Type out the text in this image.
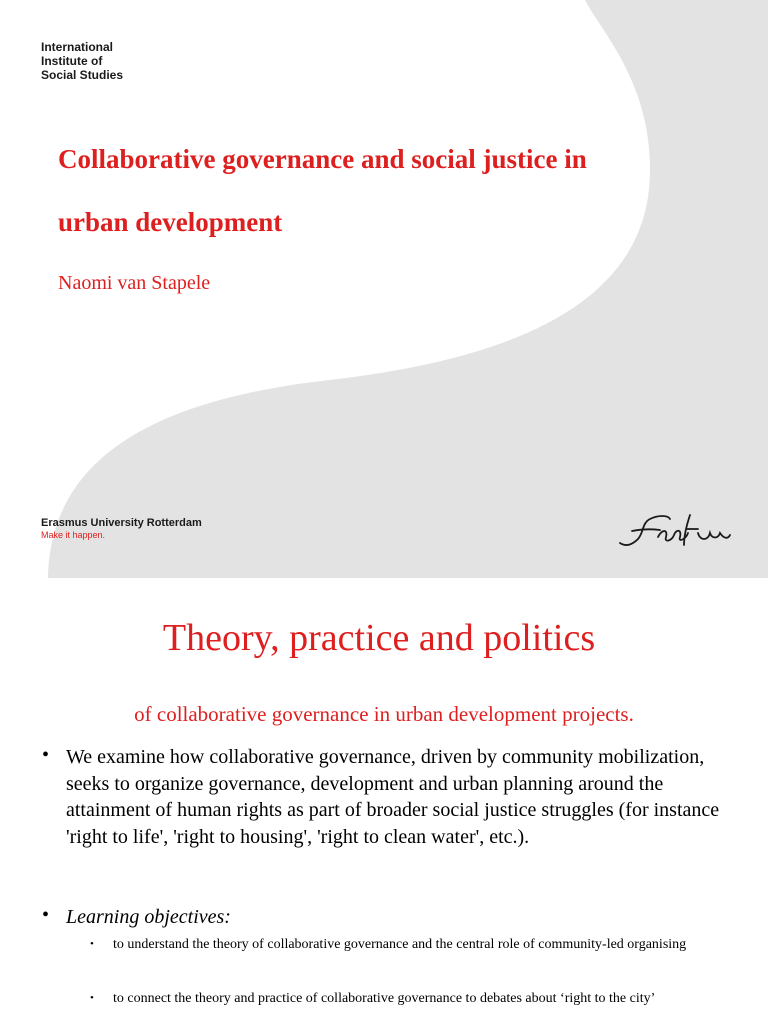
International
Institute of
Social Studies
Collaborative governance and social justice in
urban development
Naomi van Stapele
Erasmus University Rotterdam
Make it happen.
Theory, practice and politics
of collaborative governance in urban development projects.
• We examine how collaborative governance, driven by community mobilization, seeks to organize governance, development and urban planning around the attainment of human rights as part of broader social justice struggles (for instance 'right to life', 'right to housing', 'right to clean water', etc.).
• Learning objectives:
• to understand the theory of collaborative governance and the central role of community-led organising
• to connect the theory and practice of collaborative governance to debates about ‘right to the city’
